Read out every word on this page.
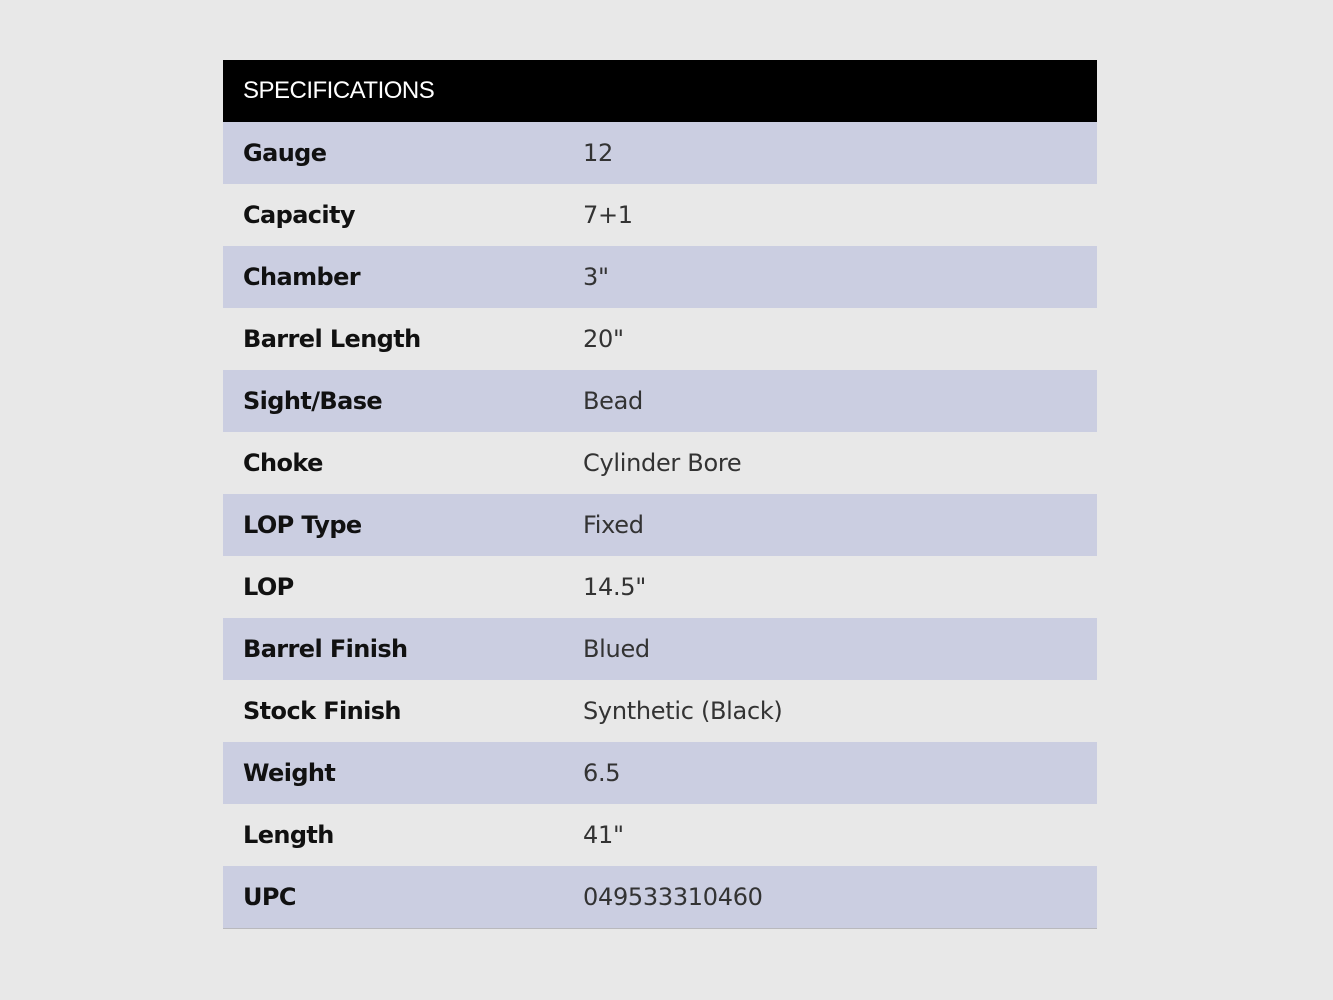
SPECIFICATIONS
Gauge	12
Capacity	7+1
Chamber	3"
Barrel Length	20"
Sight/Base	Bead
Choke	Cylinder Bore
LOP Type	Fixed
LOP	14.5"
Barrel Finish	Blued
Stock Finish	Synthetic (Black)
Weight	6.5
Length	41"
UPC	049533310460
